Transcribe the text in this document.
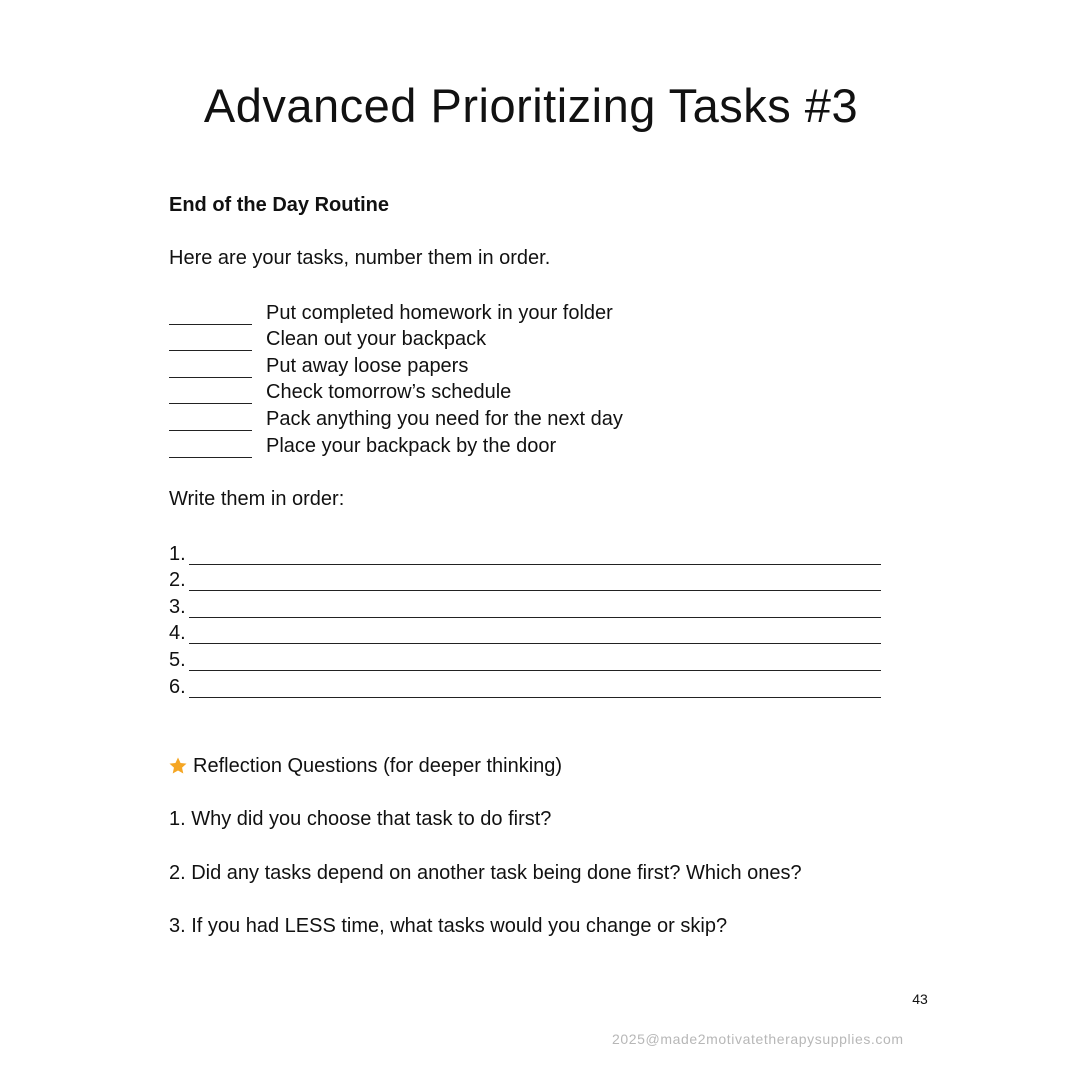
Advanced Prioritizing Tasks #3
End of the Day Routine
Here are your tasks, number them in order.
Put completed homework in your folder
Clean out your backpack
Put away loose papers
Check tomorrow’s schedule
Pack anything you need for the next day
Place your backpack by the door
Write them in order:
1.
2.
3.
4.
5.
6.
Reflection Questions (for deeper thinking)
1. Why did you choose that task to do first?
2. Did any tasks depend on another task being done first? Which ones?
3. If you had LESS time, what tasks would you change or skip?
43
2025@made2motivatetherapysupplies.com
